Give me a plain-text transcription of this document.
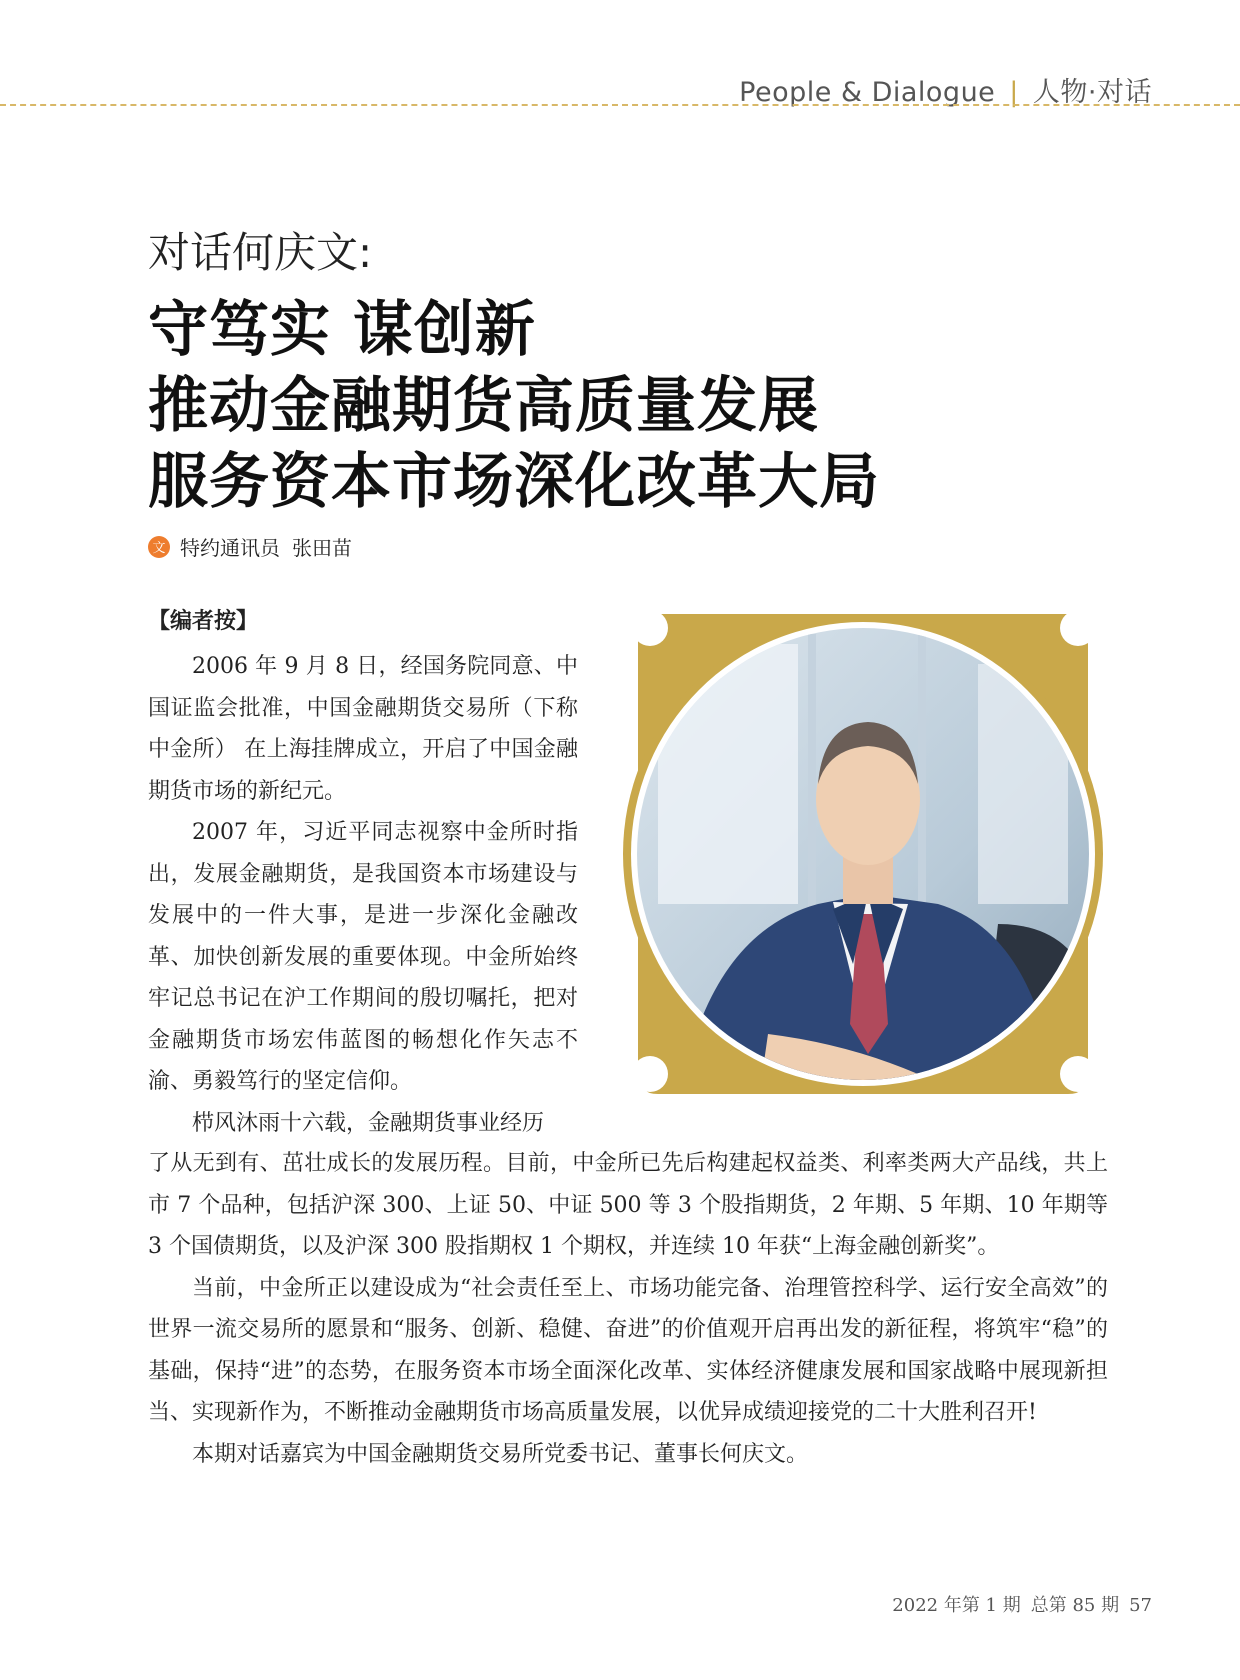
People & Dialogue | 人物·对话
对话何庆文:
守笃实 谋创新
推动金融期货高质量发展
服务资本市场深化改革大局
文 特约通讯员 张田苗
【编者按】

2006 年 9 月 8 日，经国务院同意、中国证监会批准，中国金融期货交易所（下称中金所） 在上海挂牌成立，开启了中国金融期货市场的新纪元。

2007 年，习近平同志视察中金所时指出，发展金融期货，是我国资本市场建设与发展中的一件大事，是进一步深化金融改革、加快创新发展的重要体现。中金所始终牢记总书记在沪工作期间的殷切嘱托，把对金融期货市场宏伟蓝图的畅想化作矢志不渝、勇毅笃行的坚定信仰。

栉风沐雨十六载，金融期货事业经历

了从无到有、茁壮成长的发展历程。目前，中金所已先后构建起权益类、利率类两大产品线，共上市 7 个品种，包括沪深 300、上证 50、中证 500 等 3 个股指期货，2 年期、5 年期、10 年期等 3 个国债期货，以及沪深 300 股指期权 1 个期权，并连续 10 年获“上海金融创新奖”。

当前，中金所正以建设成为“社会责任至上、市场功能完备、治理管控科学、运行安全高效”的世界一流交易所的愿景和“服务、创新、稳健、奋进”的价值观开启再出发的新征程，将筑牢“稳”的基础，保持“进”的态势，在服务资本市场全面深化改革、实体经济健康发展和国家战略中展现新担当、实现新作为，不断推动金融期货市场高质量发展，以优异成绩迎接党的二十大胜利召开!

本期对话嘉宾为中国金融期货交易所党委书记、董事长何庆文。

2022 年第 1 期 总第 85 期 57
